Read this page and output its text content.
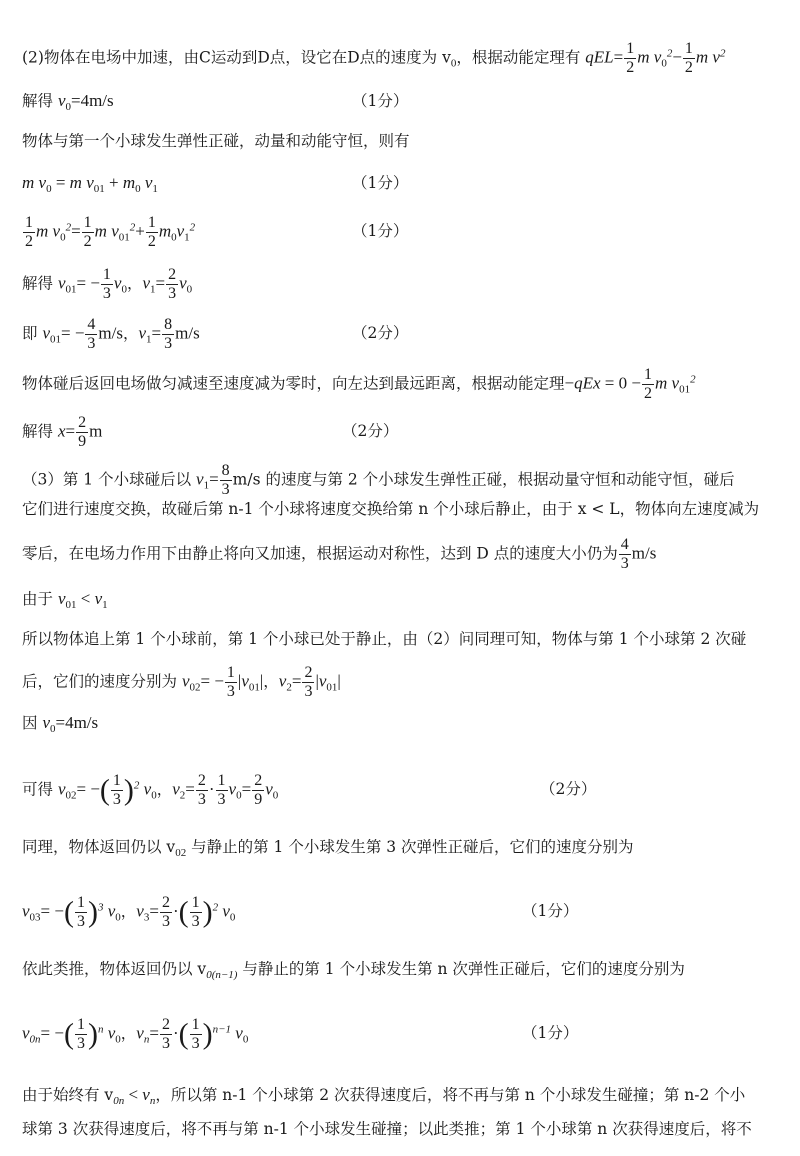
(2)物体在电场中加速，由C运动到D点，设它在D点的速度为 $v_0$，根据动能定理有 $qEL= \frac{1}{2}$ m $v_0^2- \frac{1}{2}$ m $v^2$
解得 $v_0=4m/s$	（1分）
物体与第一个小球发生弹性正碰，动量和动能守恒，则有
m $v_0 = m$ $v_{01} + m_0$ $v_1$	（1分）
$\frac{1}{2}$ m $v_0^2= \frac{1}{2}$ m $v_{01}^2+ \frac{1}{2} m_0v_1^2$	（1分）
解得 $v_{01}= - \frac{1}{3} v_0$，$v_1= \frac{2}{3} v_0$
即 $v_{01}= - \frac{4}{3} m/s$，$v_1= \frac{8}{3} m/s$	（2分）
物体碰后返回电场做匀减速至速度减为零时，向左达到最远距离，根据动能定理$-qEx = 0 - \frac{1}{2}$ m $v_{01}^2$
解得 $x= \frac{2}{9}$ m	（2分）
（3）第 1 个小球碰后以 $v_1= \frac{8}{3} m/s$ 的速度与第 2 个小球发生弹性正碰，根据动量守恒和动能守恒，碰后
它们进行速度交换，故碰后第 n-1 个小球将速度交换给第 n 个小球后静止，由于 x < L，物体向左速度减为
零后，在电场力作用下由静止将向又加速，根据运动对称性，达到 D 点的速度大小仍为 $\frac{4}{3} m/s$
由于 $v_{01} < v_1$
所以物体追上第 1 个小球前，第 1 个小球已处于静止，由（2）问同理可知，物体与第 1 个小球第 2 次碰
后，它们的速度分别为 $v_{02}= - \frac{1}{3} |v_{01}|$，$v_2= \frac{2}{3} |v_{01}|$
因 $v_0=4m/s$
可得 $v_{02}=$ −( $\frac{1}{3} )^2$ $v_0$，$v_2= \frac{2}{3} \cdot \frac{1}{3} v_0= \frac{2}{9} v_0$	（2分）
同理，物体返回仍以 $v_{02}$ 与静止的第 1 个小球发生第 3 次弹性正碰后，它们的速度分别为
$v_{03}=$ −( $\frac{1}{3} )^3$ $v_0$，$v_3= \frac{2}{3}$ ·( $\frac{1}{3} )^2$ $v_0$	（1分）
依此类推，物体返回仍以 $v_{0(n-1)}$ 与静止的第 1 个小球发生第 n 次弹性正碰后，它们的速度分别为
$v_{0n}=$ −( $\frac{1}{3} )^n$ $v_0$，$v_n= \frac{2}{3}$ ·( $\frac{1}{3} )^{n-1}$ $v_0$	（1分）
由于始终有 $v_{0n} < v_n$，所以第 n-1 个小球第 2 次获得速度后，将不再与第 n 个小球发生碰撞；第 n-2 个小
球第 3 次获得速度后，将不再与第 n-1 个小球发生碰撞；以此类推；第 1 个小球第 n 次获得速度后，将不
